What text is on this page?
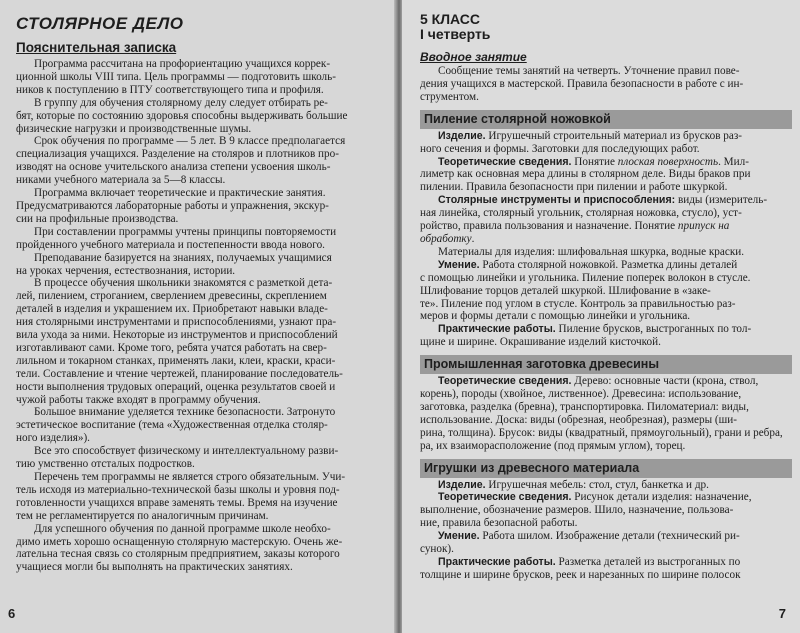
СТОЛЯРНОЕ ДЕЛО

Пояснительная записка

Программа рассчитана на профориентацию учащихся коррек-

ционной школы VIII типа. Цель программы — подготовить школь-

ников к поступлению в ПТУ соответствующего типа и профиля.

В группу для обучения столярному делу следует отбирать ре-

бят, которые по состоянию здоровья способны выдерживать большие

физические нагрузки и производственные шумы.

Срок обучения по программе — 5 лет. В 9 классе предполагается

специализация учащихся. Разделение на столяров и плотников про-

изводят на основе учительского анализа степени усвоения школь-

никами учебного материала за 5—8 классы.

Программа включает теоретические и практические занятия.

Предусматриваются лабораторные работы и упражнения, экскур-

сии на профильные производства.

При составлении программы учтены принципы повторяемости

пройденного учебного материала и постепенности ввода нового.

Преподавание базируется на знаниях, получаемых учащимися

на уроках черчения, естествознания, истории.

В процессе обучения школьники знакомятся с разметкой дета-

лей, пилением, строганием, сверлением древесины, скреплением

деталей в изделия и украшением их. Приобретают навыки владе-

ния столярными инструментами и приспособлениями, узнают пра-

вила ухода за ними. Некоторые из инструментов и приспособлений

изготавливают сами. Кроме того, ребята учатся работать на свер-

лильном и токарном станках, применять лаки, клеи, краски, краси-

тели. Составление и чтение чертежей, планирование последователь-

ности выполнения трудовых операций, оценка результатов своей и

чужой работы также входят в программу обучения.

Большое внимание уделяется технике безопасности. Затронуто

эстетическое воспитание (тема «Художественная отделка столяр-

ного изделия»).

Все это способствует физическому и интеллектуальному разви-

тию умственно отсталых подростков.

Перечень тем программы не является строго обязательным. Учи-

тель исходя из материально-технической базы школы и уровня под-

готовленности учащихся вправе заменять темы. Время на изучение

тем не регламентируется по аналогичным причинам.

Для успешного обучения по данной программе школе необхо-

димо иметь хорошо оснащенную столярную мастерскую. Очень же-

лательна тесная связь со столярным предприятием, заказы которого

учащиеся могли бы выполнять на практических занятиях.

6

5 КЛАСС

I четверть

Вводное занятие

Сообщение темы занятий на четверть. Уточнение правил пове-

дения учащихся в мастерской. Правила безопасности в работе с ин-

струментом.

Пиление столярной ножовкой

Изделие. Игрушечный строительный материал из брусков раз-

ного сечения и формы. Заготовки для последующих работ.

Теоретические сведения. Понятие плоская поверхность. Мил-

лиметр как основная мера длины в столярном деле. Виды браков при

пилении. Правила безопасности при пилении и работе шкуркой.

Столярные инструменты и приспособления: виды (измеритель-

ная линейка, столярный угольник, столярная ножовка, стусло), уст-

ройство, правила пользования и назначение. Понятие припуск на

обработку.

Материалы для изделия: шлифовальная шкурка, водные краски.

Умение. Работа столярной ножовкой. Разметка длины деталей

с помощью линейки и угольника. Пиление поперек волокон в стусле.

Шлифование торцов деталей шкуркой. Шлифование в «заке-

те». Пиление под углом в стусле. Контроль за правильностью раз-

меров и формы детали с помощью линейки и угольника.

Практические работы. Пиление брусков, выстроганных по тол-

щине и ширине. Окрашивание изделий кисточкой.

Промышленная заготовка древесины

Теоретические сведения. Дерево: основные части (крона, ствол,

корень), породы (хвойное, лиственное). Древесина: использование,

заготовка, разделка (бревна), транспортировка. Пиломатериал: виды,

использование. Доска: виды (обрезная, необрезная), размеры (ши-

рина, толщина). Брусок: виды (квадратный, прямоугольный), грани и ребра,

ра, их взаиморасположение (под прямым углом), торец.

Игрушки из древесного материала

Изделие. Игрушечная мебель: стол, стул, банкетка и др.

Теоретические сведения. Рисунок детали изделия: назначение,

выполнение, обозначение размеров. Шило, назначение, пользова-

ние, правила безопасной работы.

Умение. Работа шилом. Изображение детали (технический ри-

сунок).

Практические работы. Разметка деталей из выстроганных по

толщине и ширине брусков, реек и нарезанных по ширине полосок

7
